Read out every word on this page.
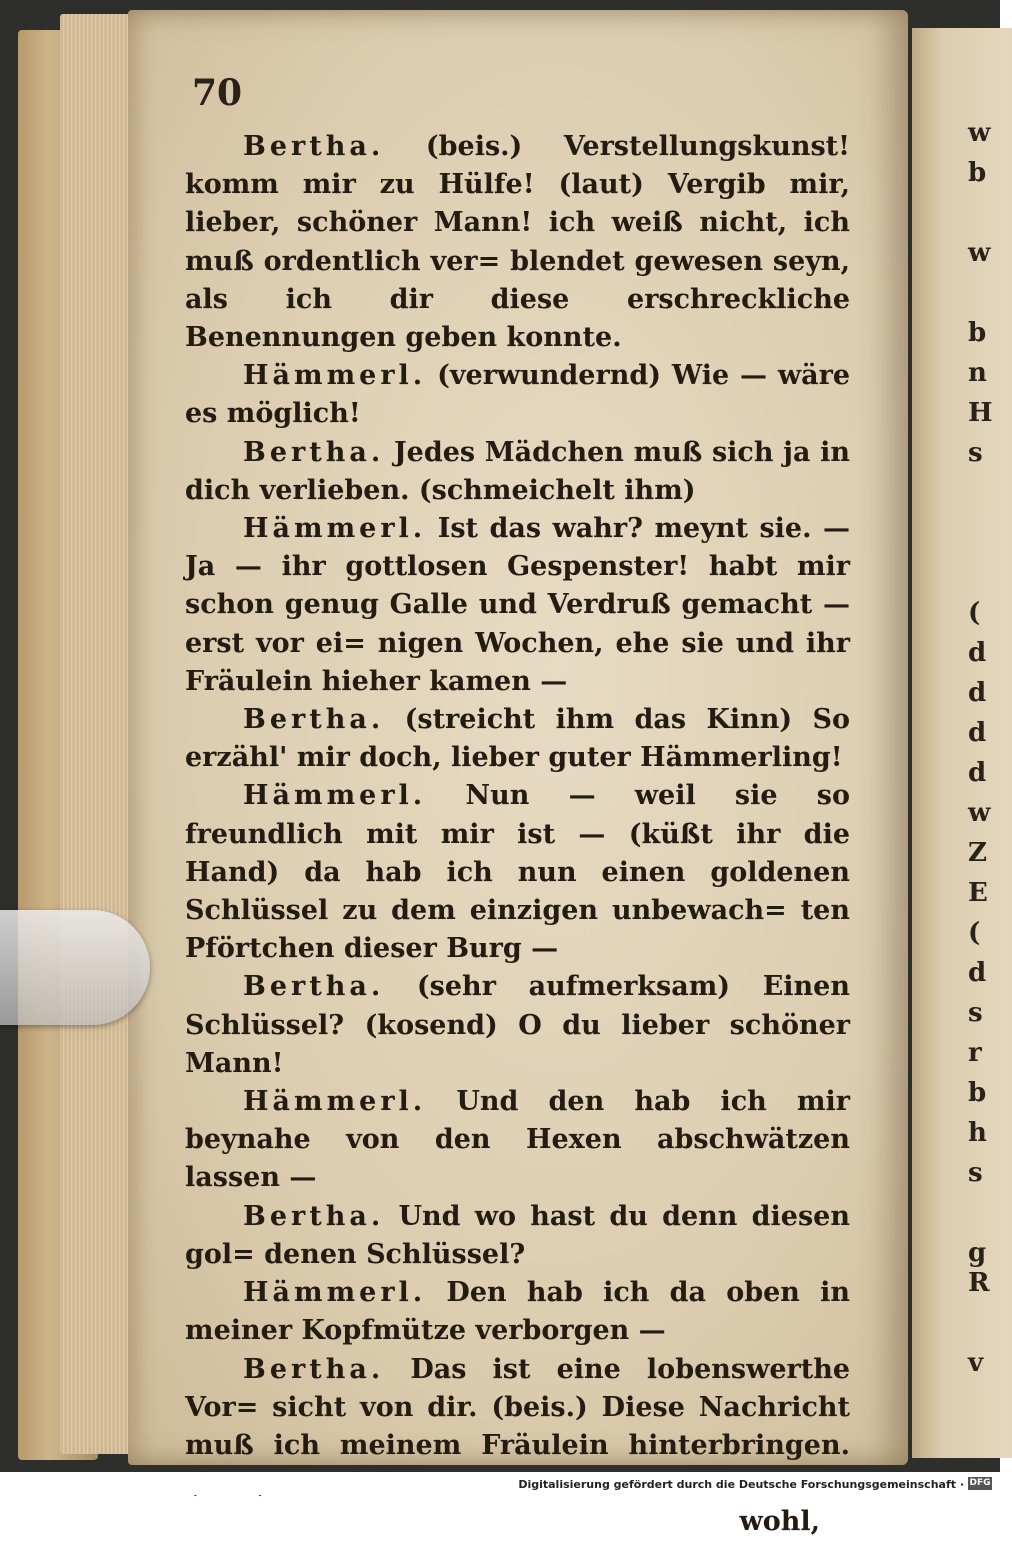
70

Bertha. (beis.) Verstellungskunst! komm mir zu Hülfe! (laut) Vergib mir, lieber, schöner Mann! ich weiß nicht, ich muß ordentlich ver= blendet gewesen seyn, als ich dir diese erschreckliche Benennungen geben konnte.

Hämmerl. (verwundernd) Wie — wäre es möglich!

Bertha. Jedes Mädchen muß sich ja in dich verlieben. (schmeichelt ihm)

Hämmerl. Ist das wahr? meynt sie. — Ja — ihr gottlosen Gespenster! habt mir schon genug Galle und Verdruß gemacht — erst vor ei= nigen Wochen, ehe sie und ihr Fräulein hieher kamen —

Bertha. (streicht ihm das Kinn) So erzähl' mir doch, lieber guter Hämmerling!

Hämmerl. Nun — weil sie so freundlich mit mir ist — (küßt ihr die Hand) da hab ich nun einen goldenen Schlüssel zu dem einzigen unbewach= ten Pförtchen dieser Burg —

Bertha. (sehr aufmerksam) Einen Schlüssel? (kosend) O du lieber schöner Mann!

Hämmerl. Und den hab ich mir beynahe von den Hexen abschwätzen lassen —

Bertha. Und wo hast du denn diesen gol= denen Schlüssel?

Hämmerl. Den hab ich da oben in meiner Kopfmütze verborgen —

Bertha. Das ist eine lobenswerthe Vor= sicht von dir. (beis.) Diese Nachricht muß ich meinem Fräulein hinterbringen.

wohl,
w
b
w
b
n
H
s
(
d
d
d
d
w
Z
E
(
d
s
r
b
h
s
g
R
v
Digitalisierung gefördert durch die Deutsche Forschungsgemeinschaft · DFG
